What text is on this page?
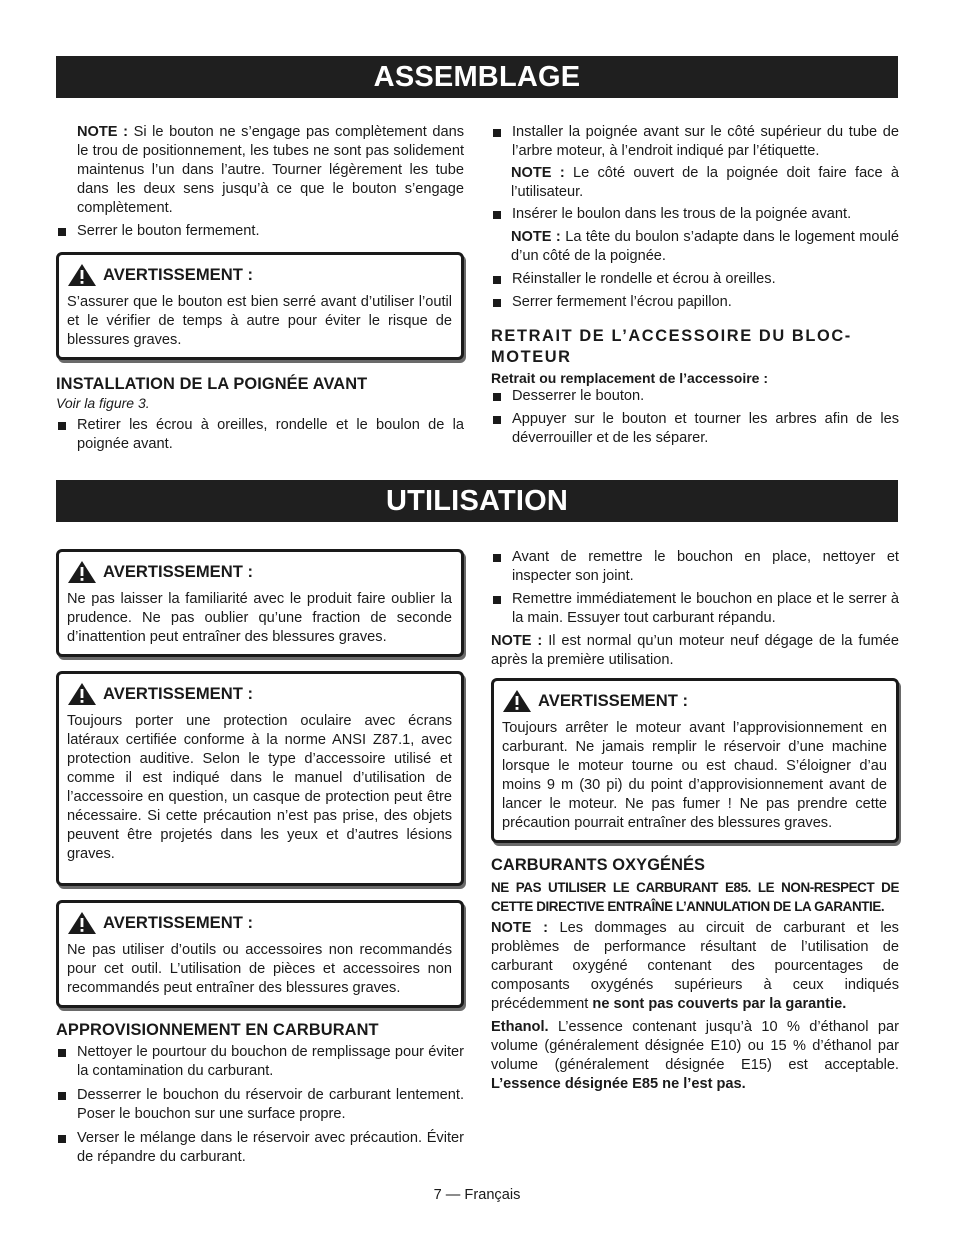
ASSEMBLAGE

NOTE : Si le bouton ne s’engage pas complètement dans le trou de positionnement, les tubes ne sont pas solidement maintenus l’un dans l’autre. Tourner légèrement les tube dans les deux sens jusqu’à ce que le bouton s’engage complètement.

Serrer le bouton fermement.

AVERTISSEMENT :

S’assurer que le bouton est bien serré avant d’utiliser l’outil et le vérifier de temps à autre pour éviter le risque de blessures graves.

INSTALLATION DE LA POIGNÉE AVANT

Voir la figure 3.

Retirer les écrou à oreilles, rondelle et le boulon de la poignée avant.

Installer la poignée avant sur le côté supérieur du tube de l’arbre moteur, à l’endroit indiqué par l’étiquette.

NOTE : Le côté ouvert de la poignée doit faire face à l’utilisateur.

Insérer le boulon dans les trous de la poignée avant.

NOTE : La tête du boulon s’adapte dans le logement moulé d’un côté de la poignée.

Réinstaller le rondelle et écrou à oreilles.

Serrer fermement l’écrou papillon.

RETRAIT DE L’ACCESSOIRE DU BLOC-MOTEUR

Retrait ou remplacement de l’accessoire :

Desserrer le bouton.

Appuyer sur le bouton et tourner les arbres afin de les déverrouiller et de les séparer.

UTILISATION
AVERTISSEMENT :

Ne pas laisser la familiarité avec le produit faire oublier la prudence. Ne pas oublier qu’une fraction de seconde d’inattention peut entraîner des blessures graves.

AVERTISSEMENT :

Toujours porter une protection oculaire avec écrans latéraux certifiée conforme à la norme ANSI Z87.1, avec protection auditive. Selon le type d’accessoire utilisé et comme il est indiqué dans le manuel d’utilisation de l’accessoire en question, un casque de protection peut être nécessaire. Si cette précaution n’est pas prise, des objets peuvent être projetés dans les yeux et d’autres lésions graves.

AVERTISSEMENT :

Ne pas utiliser d’outils ou accessoires non recommandés pour cet outil. L’utilisation de pièces et accessoires non recommandés peut entraîner des blessures graves.

APPROVISIONNEMENT EN CARBURANT

Nettoyer le pourtour du bouchon de remplissage pour éviter la contamination du carburant.

Desserrer le bouchon du réservoir de carburant lentement. Poser le bouchon sur une surface propre.

Verser le mélange dans le réservoir avec précaution. Éviter de répandre du carburant.

Avant de remettre le bouchon en place, nettoyer et inspecter son joint.

Remettre immédiatement le bouchon en place et le serrer à la main. Essuyer tout carburant répandu.

NOTE : Il est normal qu’un moteur neuf dégage de la fumée après la première utilisation.

AVERTISSEMENT :

Toujours arrêter le moteur avant l’approvisionnement en carburant. Ne jamais remplir le réservoir d’une machine lorsque le moteur tourne ou est chaud. S’éloigner d’au moins 9 m (30 pi) du point d’approvisionnement avant de lancer le moteur. Ne pas fumer ! Ne pas prendre cette précaution pourrait entraîner des blessures graves.

CARBURANTS OXYGÉNÉS

NE PAS UTILISER LE CARBURANT E85. LE NON-RESPECT DE CETTE DIRECTIVE ENTRAÎNE L’ANNULATION DE LA GARANTIE.

NOTE : Les dommages au circuit de carburant et les problèmes de performance résultant de l’utilisation de carburant oxygéné contenant des pourcentages de composants oxygénés supérieurs à ceux indiqués précédemment ne sont pas couverts par la garantie.

Ethanol. L’essence contenant jusqu’à 10 % d’éthanol par volume (généralement désignée E10) ou 15 % d’éthanol par volume (généralement désignée E15) est acceptable. L’essence désignée E85 ne l’est pas.

7 — Français
